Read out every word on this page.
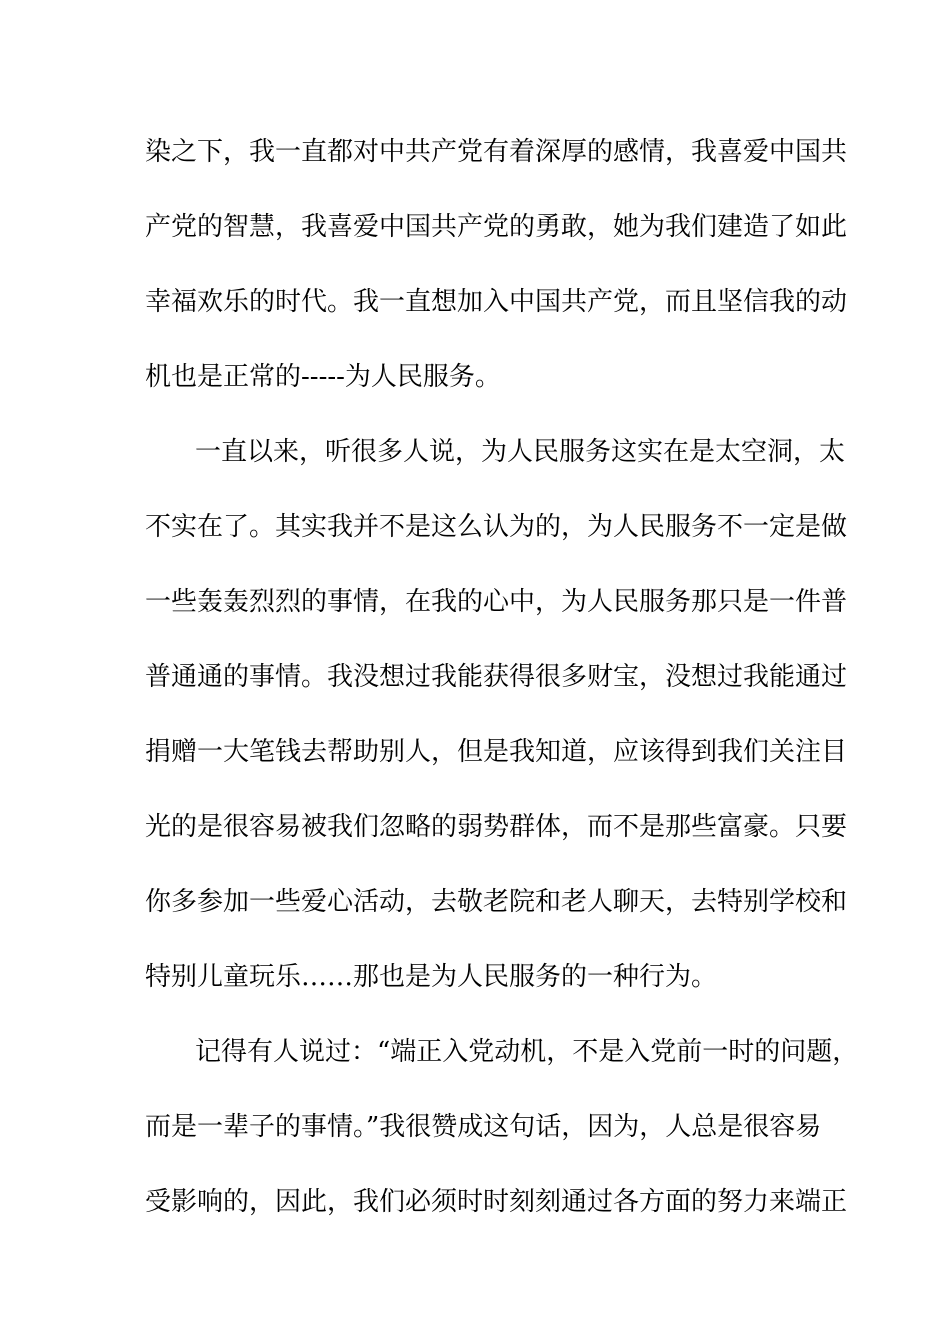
染之下，我一直都对中共产党有着深厚的感情，我喜爱中国共
产党的智慧，我喜爱中国共产党的勇敢，她为我们建造了如此
幸福欢乐的时代。我一直想加入中国共产党，而且坚信我的动
机也是正常的-----为人民服务。
一直以来，听很多人说，为人民服务这实在是太空洞，太
不实在了。其实我并不是这么认为的，为人民服务不一定是做
一些轰轰烈烈的事情，在我的心中，为人民服务那只是一件普
普通通的事情。我没想过我能获得很多财宝，没想过我能通过
捐赠一大笔钱去帮助别人，但是我知道，应该得到我们关注目
光的是很容易被我们忽略的弱势群体，而不是那些富豪。只要
你多参加一些爱心活动，去敬老院和老人聊天，去特别学校和
特别儿童玩乐……那也是为人民服务的一种行为。
记得有人说过：“端正入党动机，不是入党前一时的问题，
而是一辈子的事情。”我很赞成这句话，因为，人总是很容易
受影响的，因此，我们必须时时刻刻通过各方面的努力来端正
